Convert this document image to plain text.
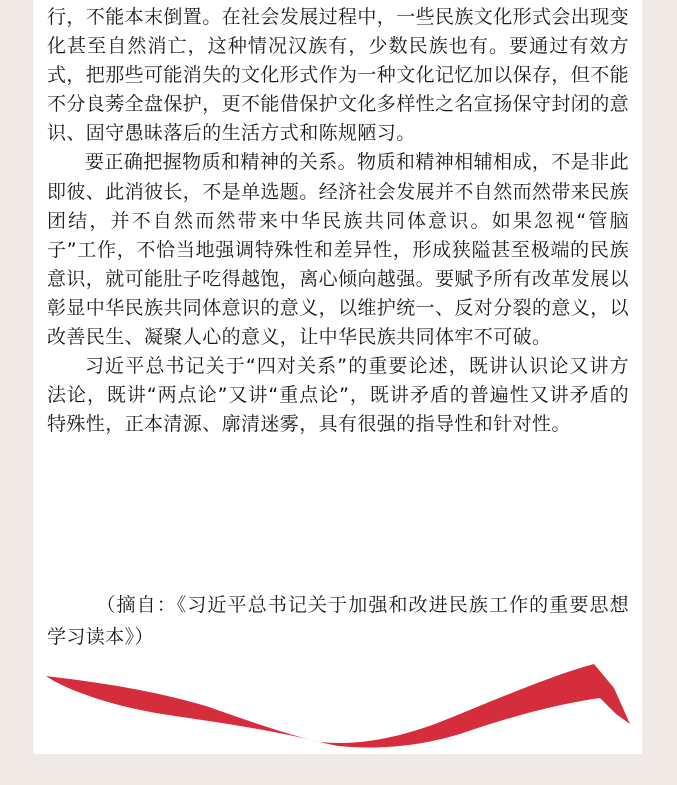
行，不能本末倒置。在社会发展过程中，一些民族文化形式会出现变化甚至自然消亡，这种情况汉族有，少数民族也有。要通过有效方式，把那些可能消失的文化形式作为一种文化记忆加以保存，但不能不分良莠全盘保护，更不能借保护文化多样性之名宣扬保守封闭的意识、固守愚昧落后的生活方式和陈规陋习。

要正确把握物质和精神的关系。物质和精神相辅相成，不是非此即彼、此消彼长，不是单选题。经济社会发展并不自然而然带来民族团结，并不自然而然带来中华民族共同体意识。如果忽视“管脑子”工作，不恰当地强调特殊性和差异性，形成狭隘甚至极端的民族意识，就可能肚子吃得越饱，离心倾向越强。要赋予所有改革发展以彰显中华民族共同体意识的意义，以维护统一、反对分裂的意义，以改善民生、凝聚人心的意义，让中华民族共同体牢不可破。

习近平总书记关于“四对关系”的重要论述，既讲认识论又讲方法论，既讲“两点论”又讲“重点论”，既讲矛盾的普遍性又讲矛盾的特殊性，正本清源、廓清迷雾，具有很强的指导性和针对性。

（摘自：《习近平总书记关于加强和改进民族工作的重要思想学习读本》）
